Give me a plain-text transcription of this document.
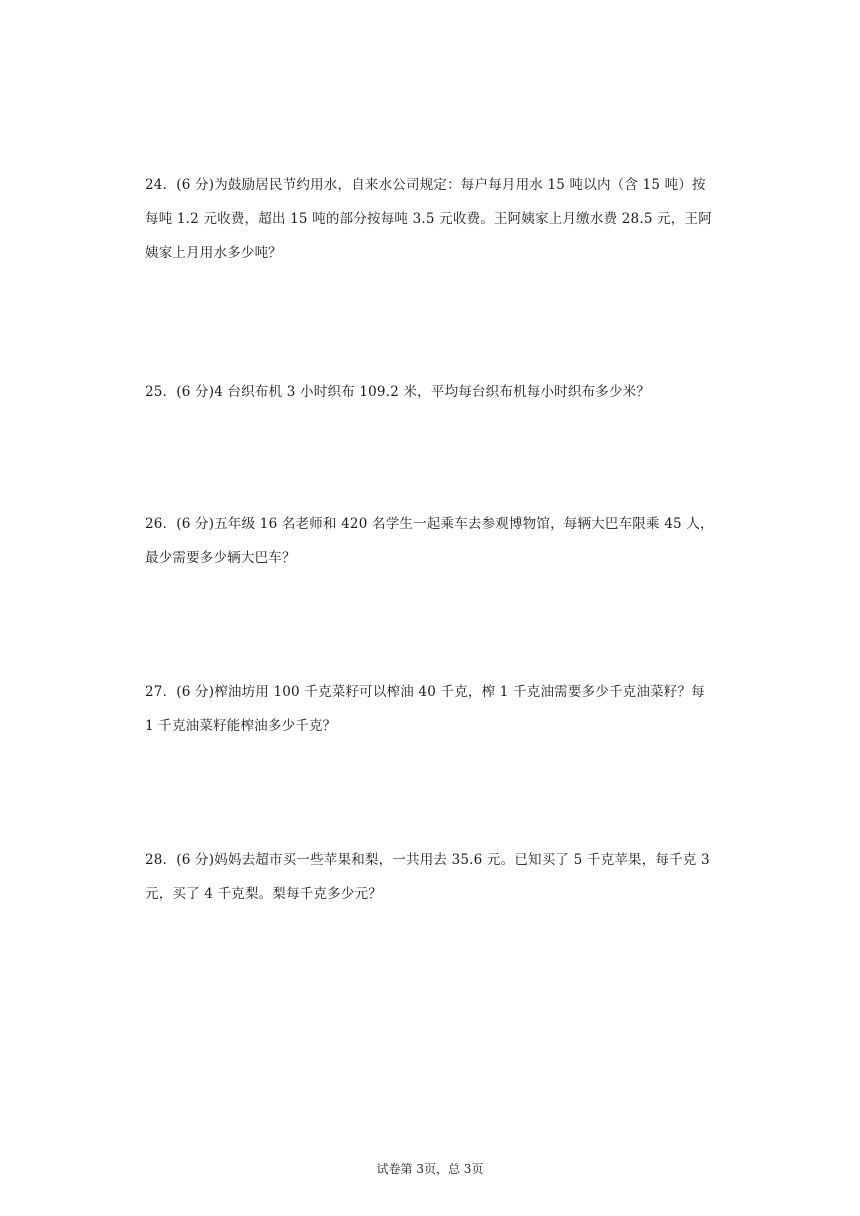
24．(6 分)为鼓励居民节约用水，自来水公司规定：每户每月用水 15 吨以内（含 15 吨）按每吨 1.2 元收费，超出 15 吨的部分按每吨 3.5 元收费。王阿姨家上月缴水费 28.5 元，王阿姨家上月用水多少吨？

25．(6 分)4 台织布机 3 小时织布 109.2 米，平均每台织布机每小时织布多少米？

26．(6 分)五年级 16 名老师和 420 名学生一起乘车去参观博物馆，每辆大巴车限乘 45 人，最少需要多少辆大巴车？

27．(6 分)榨油坊用 100 千克菜籽可以榨油 40 千克，榨 1 千克油需要多少千克油菜籽？每 1 千克油菜籽能榨油多少千克？

28．(6 分)妈妈去超市买一些苹果和梨，一共用去 35.6 元。已知买了 5 千克苹果，每千克 3 元，买了 4 千克梨。梨每千克多少元？

试卷第 3页，总 3页
